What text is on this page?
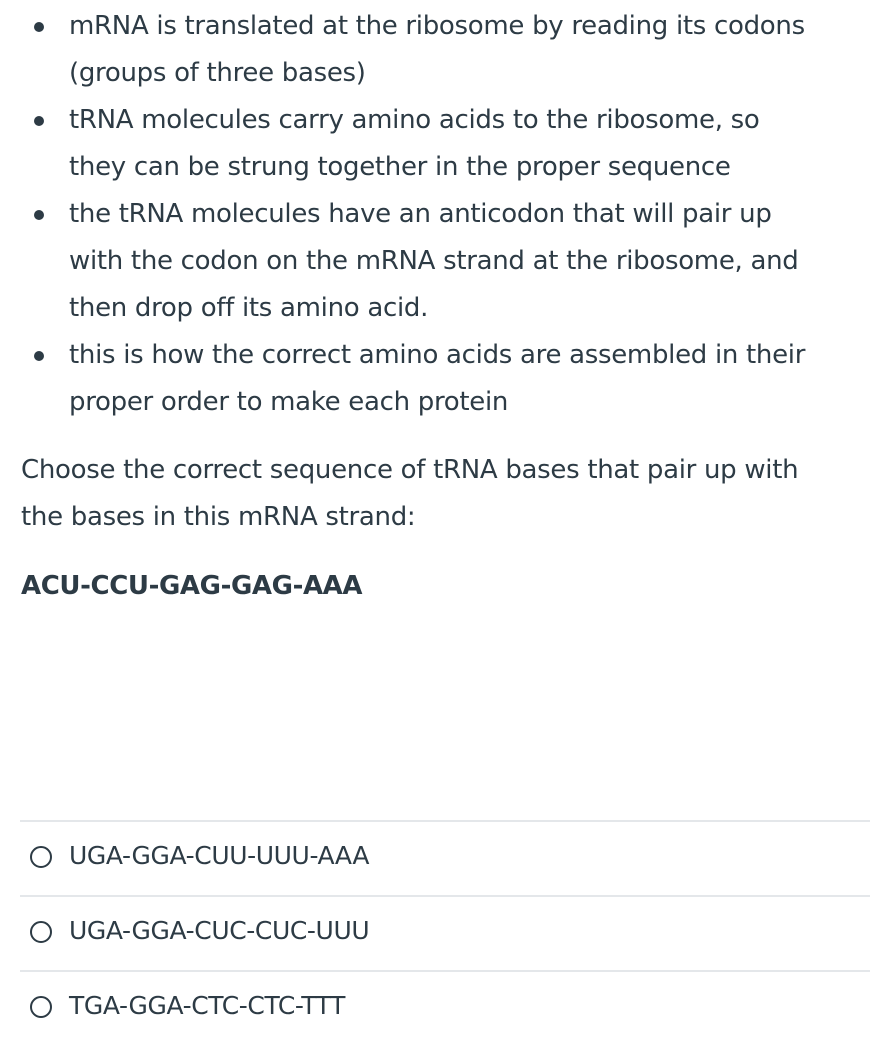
mRNA is translated at the ribosome by reading its codons
(groups of three bases)
tRNA molecules carry amino acids to the ribosome, so
they can be strung together in the proper sequence
the tRNA molecules have an anticodon that will pair up
with the codon on the mRNA strand at the ribosome, and
then drop off its amino acid.
this is how the correct amino acids are assembled in their
proper order to make each protein
Choose the correct sequence of tRNA bases that pair up with
the bases in this mRNA strand:
ACU-CCU-GAG-GAG-AAA
UGA-GGA-CUU-UUU-AAA
UGA-GGA-CUC-CUC-UUU
TGA-GGA-CTC-CTC-TTT
